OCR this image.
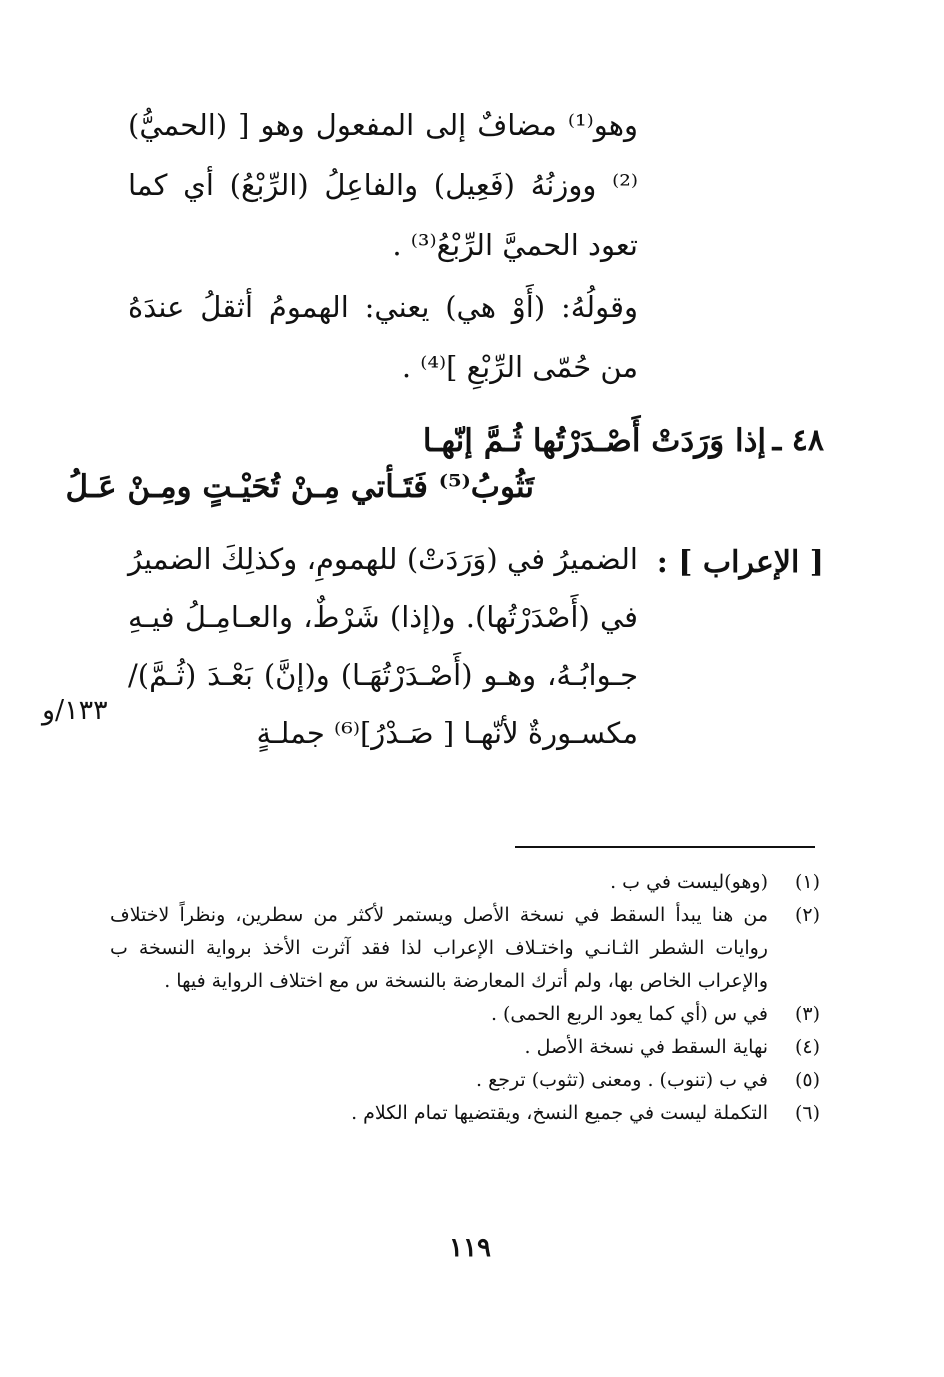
وهو⁽¹⁾ مضافٌ إلى المفعول وهو [ (الحميُّ)⁽²⁾ ووزنُهُ (فَعِيل) والفاعِلُ (الرِّبْعُ) أي كما تعود الحميَّ الرِّبْعُ⁽³⁾ .

وقولُهُ: (أَوْ هي) يعني: الهمومُ أثقلُ عندَهُ من حُمّى الرِّبْعِ ]⁽⁴⁾ .

٤٨ ـ
إذا وَرَدَتْ أَصْـدَرْتُها ثُـمَّ إنّهـا
تَثُوبُ⁽⁵⁾ فَتَـأتي مِـنْ تُحَيْـتٍ ومِـنْ عَـلُ
[ الإعراب ] :

الضميرُ في (وَرَدَتْ) للهمومِ، وكذلِكَ الضميرُ في (أَصْدَرْتُها). و(إذا) شَرْطٌ، والعـامِـلُ فيـهِ جـوابُـهُ، وهـو (أَصْـدَرْتُهَـا) و(إنَّ) بَعْـدَ (ثُـمَّ)/ مكسـورةٌ لأنّهـا [ صَـدْرُ]⁽⁶⁾ جملـةٍ

١٣٣/و
(١)
(وهو)ليست في ب .
(٢)
من هنا يبدأ السقط في نسخة الأصل ويستمر لأكثر من سطرين، ونظراً لاختلاف روايات الشطر الثـانـي واختـلاف الإعراب لذا فقد آثرت الأخذ برواية النسخة ب والإعراب الخاص بها، ولم أترك المعارضة بالنسخة س مع اختلاف الرواية فيها .
(٣)
في س (أي كما يعود الربع الحمى) .
(٤)
نهاية السقط في نسخة الأصل .
(٥)
في ب (تنوب) . ومعنى (تثوب) ترجع .
(٦)
التكملة ليست في جميع النسخ، ويقتضيها تمام الكلام .
١١٩
